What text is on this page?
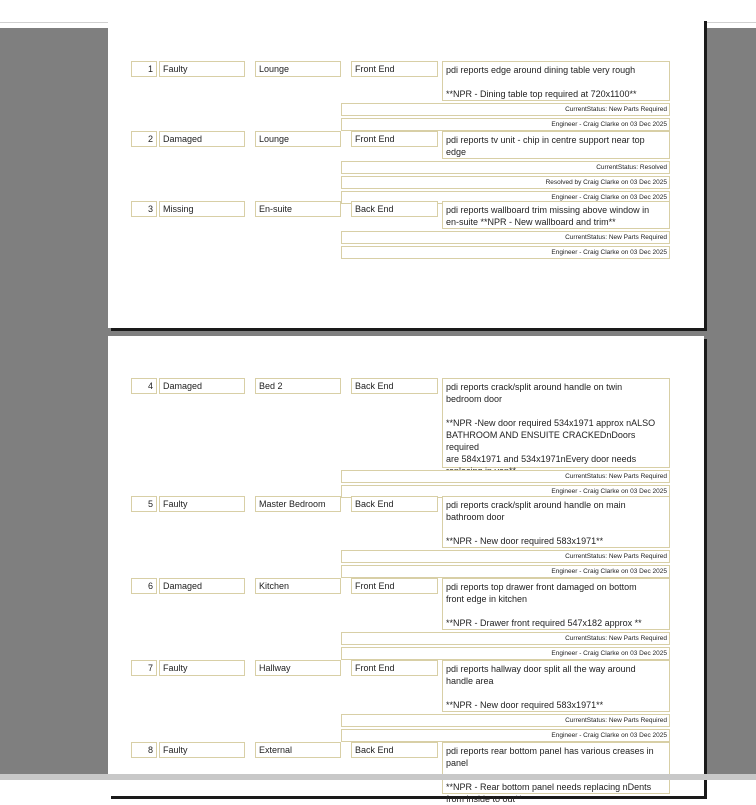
1	Faulty	Lounge	Front End	pdi reports edge around dining table very rough

**NPR - Dining table top required at 720x1100**
CurrentStatus: New Parts Required
Engineer - Craig Clarke on 03 Dec 2025
2	Damaged	Lounge	Front End	pdi reports tv unit - chip in centre support near top
edge
CurrentStatus: Resolved
Resolved by Craig Clarke on 03 Dec 2025
Engineer - Craig Clarke on 03 Dec 2025
3	Missing	En-suite	Back End	pdi reports wallboard trim missing above window in
en-suite **NPR - New wallboard and trim**
CurrentStatus: New Parts Required
Engineer - Craig Clarke on 03 Dec 2025
4	Damaged	Bed 2	Back End	pdi reports crack/split around handle on twin
bedroom door

**NPR -New door required 534x1971 approx nALSO
BATHROOM AND ENSUITE CRACKEDnDoors required
are 584x1971 and 534x1971nEvery door needs

CurrentStatus: New Parts Required
Engineer - Craig Clarke on 03 Dec 2025
5	Faulty	Master Bedroom	Back End	pdi reports crack/split around handle on main
bathroom door

**NPR - New door required 583x1971**
CurrentStatus: New Parts Required
Engineer - Craig Clarke on 03 Dec 2025
6	Damaged	Kitchen	Front End	pdi reports top drawer front damaged on bottom
front edge in kitchen

**NPR - Drawer front required 547x182 approx **
CurrentStatus: New Parts Required
Engineer - Craig Clarke on 03 Dec 2025
7	Faulty	Hallway	Front End	pdi reports hallway door split all the way around
handle area

**NPR - New door required 583x1971**
CurrentStatus: New Parts Required
Engineer - Craig Clarke on 03 Dec 2025
8	Faulty	External	Back End	pdi reports rear bottom panel has various creases in
panel

**NPR - Rear bottom panel needs replacing nDents
from inside to out**
